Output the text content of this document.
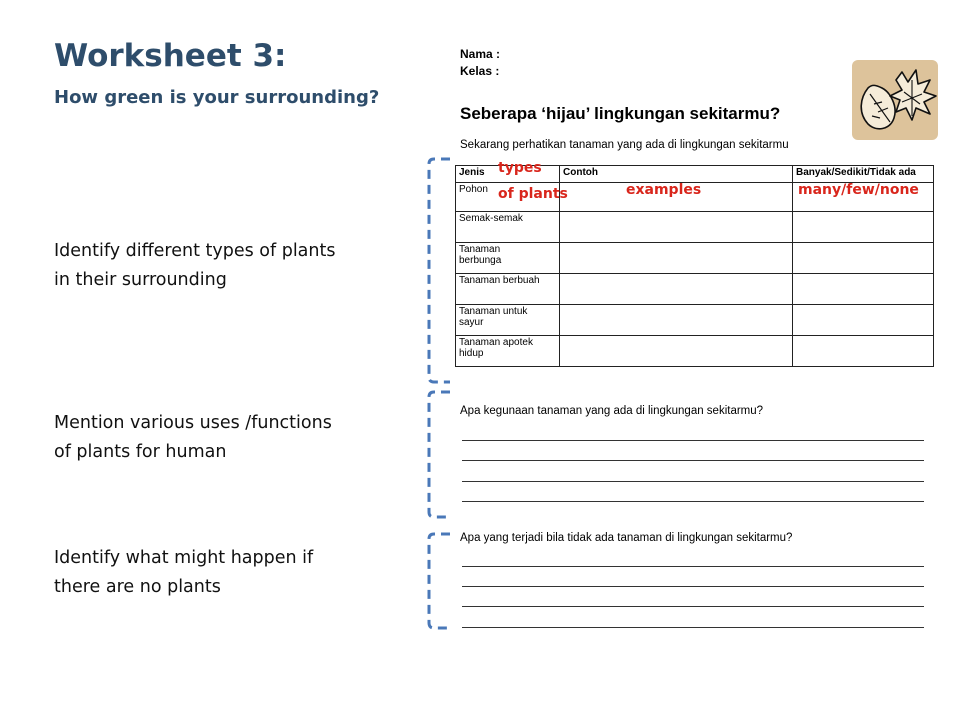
Worksheet 3:
How green is your surrounding?
Identify different types of plants
in their surrounding
Mention various uses /functions
of plants for human
Identify what might happen if
there are no plants
Nama :
Kelas :
Seberapa ‘hijau’ lingkungan sekitarmu?
Sekarang perhatikan tanaman yang ada di lingkungan sekitarmu
Jenis	Contoh	Banyak/Sedikit/Tidak ada

Pohon		

Semak-semak		

Tanaman
berbunga		

Tanaman berbuah		

Tanaman untuk
sayur		

Tanaman apotek
hidup		

types
of plants	examples	many/few/none
Apa kegunaan tanaman yang ada di lingkungan sekitarmu?
Apa yang terjadi bila tidak ada tanaman di lingkungan sekitarmu?
